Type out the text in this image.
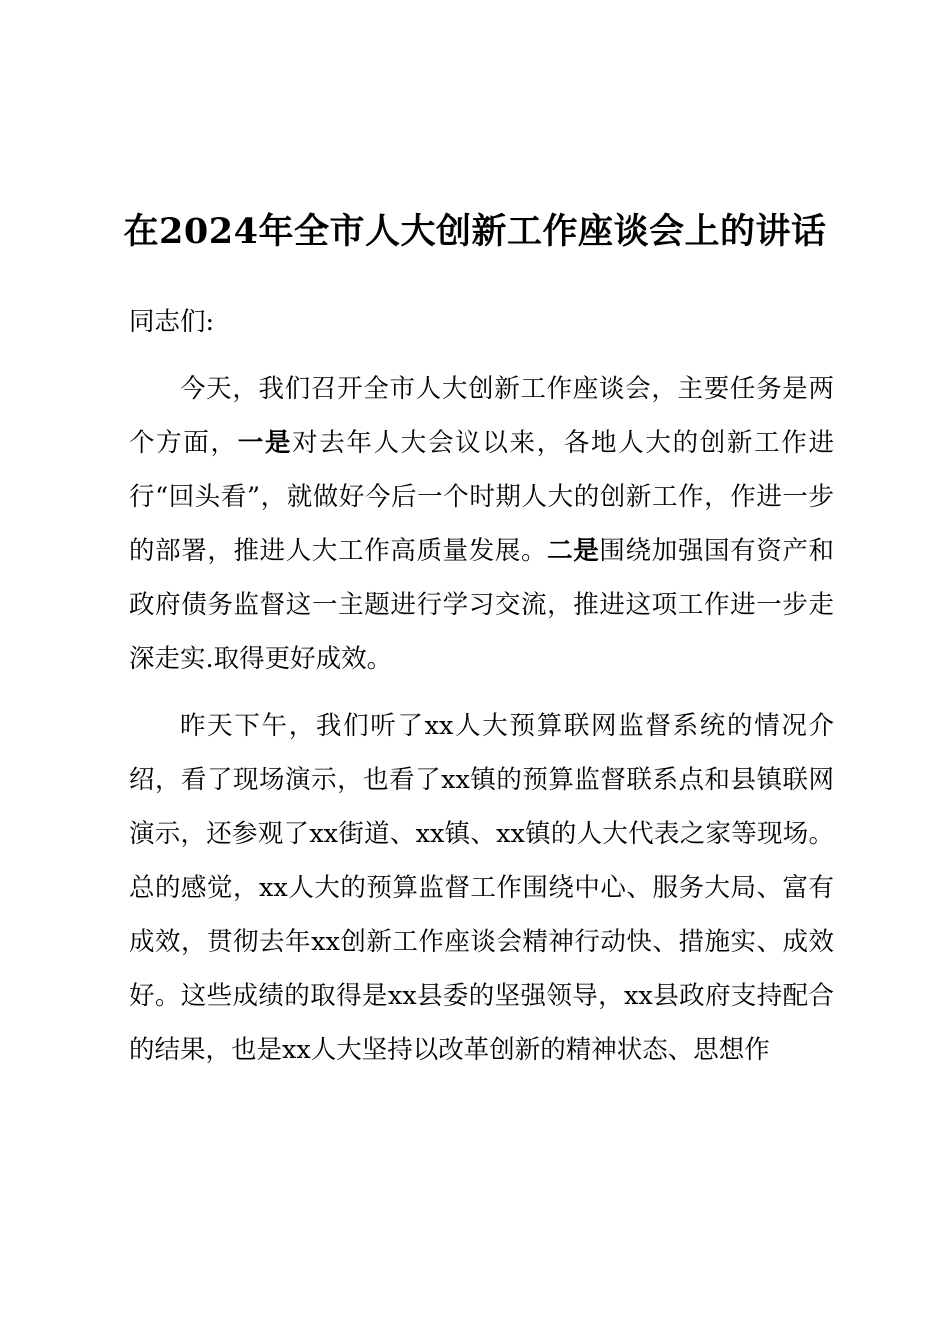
在2024年全市人大创新工作座谈会上的讲话

同志们:

今天，我们召开全市人大创新工作座谈会，主要任务是两个方面，一是对去年人大会议以来，各地人大的创新工作进行“回头看”，就做好今后一个时期人大的创新工作，作进一步的部署，推进人大工作高质量发展。二是围绕加强国有资产和政府债务监督这一主题进行学习交流，推进这项工作进一步走深走实.取得更好成效。

昨天下午，我们听了xx人大预算联网监督系统的情况介绍，看了现场演示，也看了xx镇的预算监督联系点和县镇联网演示，还参观了xx街道、xx镇、xx镇的人大代表之家等现场。总的感觉，xx人大的预算监督工作围绕中心、服务大局、富有成效，贯彻去年xx创新工作座谈会精神行动快、措施实、成效好。这些成绩的取得是xx县委的坚强领导，xx县政府支持配合的结果，也是xx人大坚持以改革创新的精神状态、思想作
